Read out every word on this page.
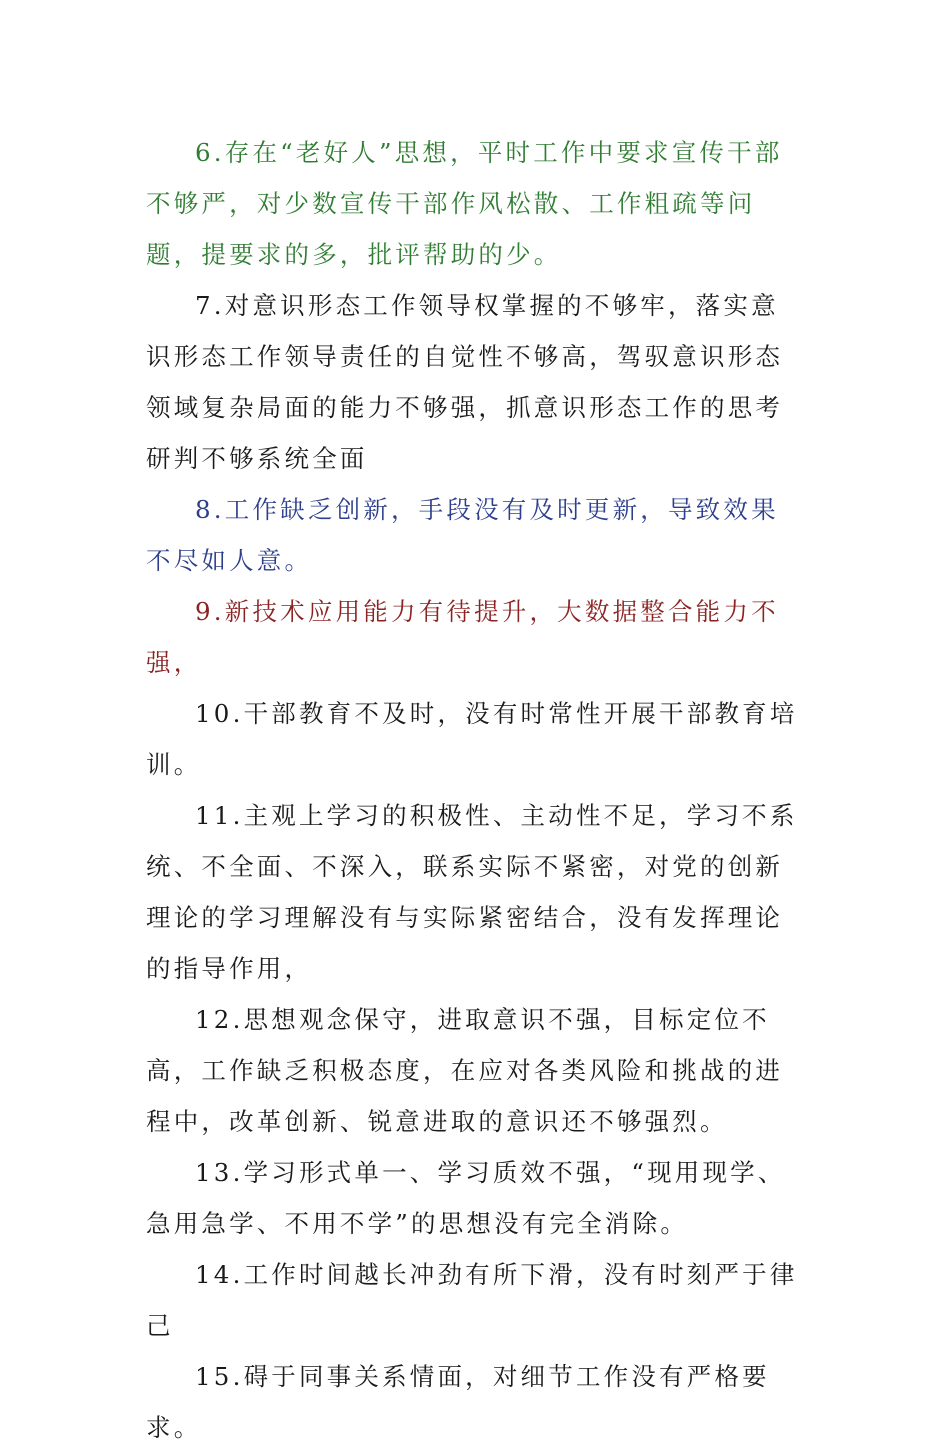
6.存在“老好人”思想，平时工作中要求宣传干部不够严，对少数宣传干部作风松散、工作粗疏等问题，提要求的多，批评帮助的少。

7.对意识形态工作领导权掌握的不够牢，落实意识形态工作领导责任的自觉性不够高，驾驭意识形态领域复杂局面的能力不够强，抓意识形态工作的思考研判不够系统全面

8.工作缺乏创新，手段没有及时更新，导致效果不尽如人意。

9.新技术应用能力有待提升，大数据整合能力不强，

10.干部教育不及时，没有时常性开展干部教育培训。

11.主观上学习的积极性、主动性不足，学习不系统、不全面、不深入，联系实际不紧密，对党的创新理论的学习理解没有与实际紧密结合，没有发挥理论的指导作用，

12.思想观念保守，进取意识不强，目标定位不高，工作缺乏积极态度，在应对各类风险和挑战的进程中，改革创新、锐意进取的意识还不够强烈。

13.学习形式单一、学习质效不强，“现用现学、急用急学、不用不学”的思想没有完全消除。

14.工作时间越长冲劲有所下滑，没有时刻严于律己

15.碍于同事关系情面，对细节工作没有严格要求。
